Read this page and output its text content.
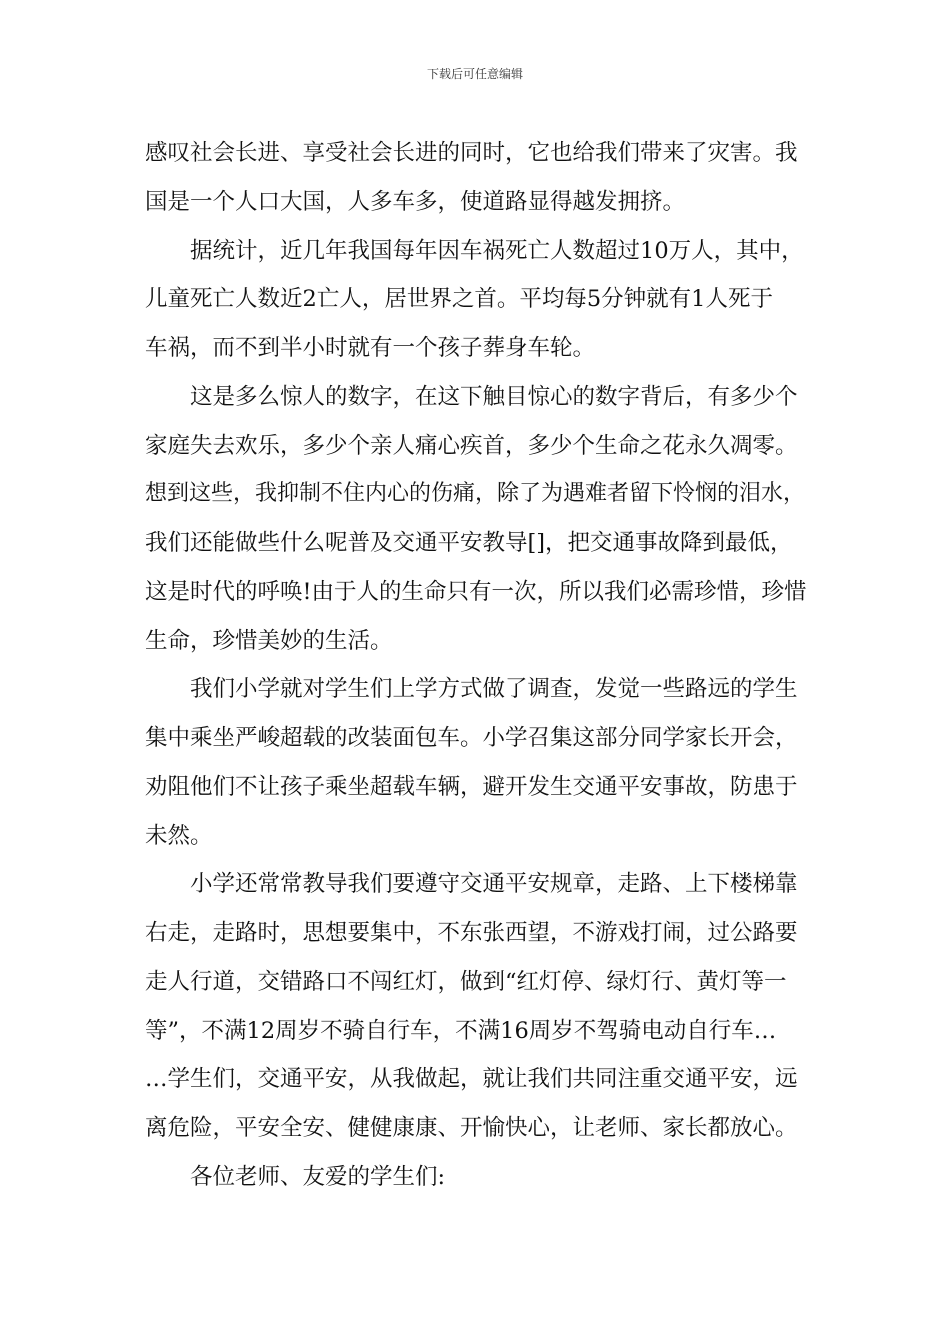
下载后可任意编辑
感叹社会长进、享受社会长进的同时，它也给我们带来了灾害。我
国是一个人口大国，人多车多，使道路显得越发拥挤。
据统计，近几年我国每年因车祸死亡人数超过10万人，其中，
儿童死亡人数近2亡人，居世界之首。平均每5分钟就有1人死于
车祸，而不到半小时就有一个孩子葬身车轮。
这是多么惊人的数字，在这下触目惊心的数字背后，有多少个
家庭失去欢乐，多少个亲人痛心疾首，多少个生命之花永久凋零。
想到这些，我抑制不住内心的伤痛，除了为遇难者留下怜悯的泪水，
我们还能做些什么呢普及交通平安教导[]，把交通事故降到最低，
这是时代的呼唤!由于人的生命只有一次，所以我们必需珍惜，珍惜
生命，珍惜美妙的生活。
我们小学就对学生们上学方式做了调查，发觉一些路远的学生
集中乘坐严峻超载的改装面包车。小学召集这部分同学家长开会，
劝阻他们不让孩子乘坐超载车辆，避开发生交通平安事故，防患于
未然。
小学还常常教导我们要遵守交通平安规章，走路、上下楼梯靠
右走，走路时，思想要集中，不东张西望，不游戏打闹，过公路要
走人行道，交错路口不闯红灯，做到“红灯停、绿灯行、黄灯等一
等”，不满12周岁不骑自行车，不满16周岁不驾骑电动自行车…
…学生们，交通平安，从我做起，就让我们共同注重交通平安，远
离危险，平安全安、健健康康、开愉快心，让老师、家长都放心。
各位老师、友爱的学生们:
